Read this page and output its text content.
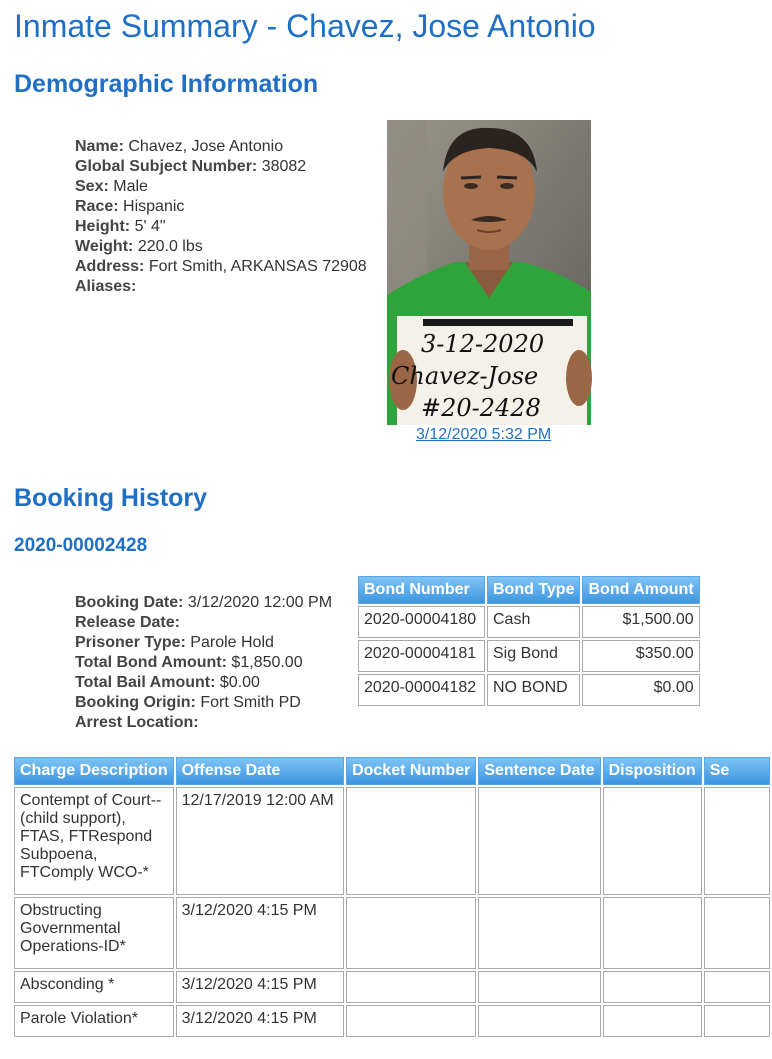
Inmate Summary - Chavez, Jose Antonio
Demographic Information
Name: Chavez, Jose Antonio
Global Subject Number: 38082
Sex: Male
Race: Hispanic
Height: 5' 4"
Weight: 220.0 lbs
Address: Fort Smith, ARKANSAS 72908
Aliases:
3-12-2020
Chavez-Jose
#20-2428
3/12/2020 5:32 PM
Booking History
2020-00002428
Booking Date: 3/12/2020 12:00 PM
Release Date:
Prisoner Type: Parole Hold
Total Bond Amount: $1,850.00
Total Bail Amount: $0.00
Booking Origin: Fort Smith PD
Arrest Location:
Bond Number	Bond Type	Bond Amount
2020-00004180	Cash	$1,500.00
2020-00004181	Sig Bond	$350.00
2020-00004182	NO BOND	$0.00
Charge Description	Offense Date	Docket Number	Sentence Date	Disposition	Se
Contempt of Court--(child support), FTAS, FTRespond Subpoena, FTComply WCO-*	12/17/2019 12:00 AM				
Obstructing Governmental Operations-ID*	3/12/2020 4:15 PM				
Absconding *	3/12/2020 4:15 PM				
Parole Violation*	3/12/2020 4:15 PM				
